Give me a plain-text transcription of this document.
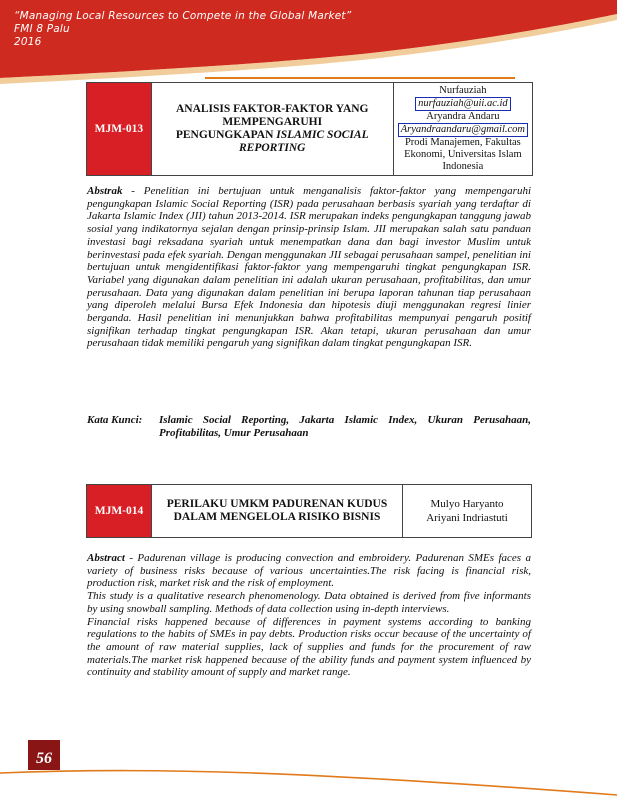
“Managing Local Resources to Compete in the Global Market”
FMI 8 Palu
2016
MJM-013	
ANALISIS FAKTOR-FAKTOR YANG
MEMPENGARUHI
PENGUNGKAPAN ISLAMIC SOCIAL
REPORTING

Nurfauziah
nurfauziah@uii.ac.id
Aryandra Andaru
Aryandraandaru@gmail.com
Prodi Manajemen, Fakultas
Ekonomi, Universitas Islam
Indonesia

Abstrak - Penelitian ini bertujuan untuk menganalisis faktor-faktor yang mempengaruhi pengungkapan Islamic Social Reporting (ISR) pada perusahaan berbasis syariah yang terdaftar di Jakarta Islamic Index (JII) tahun 2013-2014. ISR merupakan indeks pengungkapan tanggung jawab sosial yang indikatornya sejalan dengan prinsip-prinsip Islam. JII merupakan salah satu panduan investasi bagi reksadana syariah untuk menempatkan dana dan bagi investor Muslim untuk berinvestasi pada efek syariah. Dengan menggunakan JII sebagai perusahaan sampel, penelitian ini bertujuan untuk mengidentifikasi faktor-faktor yang mempengaruhi tingkat pengungkapan ISR. Variabel yang digunakan dalam penelitian ini adalah ukuran perusahaan, profitabilitas, dan umur perusahaan. Data yang digunakan dalam penelitian ini berupa laporan tahunan tiap perusahaan yang diperoleh melalui Bursa Efek Indonesia dan hipotesis diuji menggunakan regresi linier berganda. Hasil penelitian ini menunjukkan bahwa profitabilitas mempunyai pengaruh positif signifikan terhadap tingkat pengungkapan ISR. Akan tetapi, ukuran perusahaan dan umur perusahaan tidak memiliki pengaruh yang signifikan dalam tingkat pengungkapan ISR.

Kata Kunci:	Islamic Social Reporting, Jakarta Islamic Index, Ukuran Perusahaan, Profitabilitas, Umur Perusahaan
MJM-014	
PERILAKU UMKM PADURENAN KUDUS
DALAM MENGELOLA RISIKO BISNIS

Mulyo Haryanto
Ariyani Indriastuti

Abstract - Padurenan village is producing convection and embroidery. Padurenan SMEs faces a variety of business risks because of various uncertainties.The risk facing is financial risk, production risk, market risk and the risk of employment.

This study is a qualitative research phenomenology. Data obtained is derived from five informants by using snowball sampling. Methods of data collection using in-depth interviews.

Financial risks happened because of differences in payment systems according to banking regulations to the habits of SMEs in pay debts. Production risks occur because of the uncertainty of the amount of raw material supplies, lack of supplies and funds for the procurement of raw materials.The market risk happened because of the ability funds and payment system influenced by continuity and stability amount of supply and market range.

56
